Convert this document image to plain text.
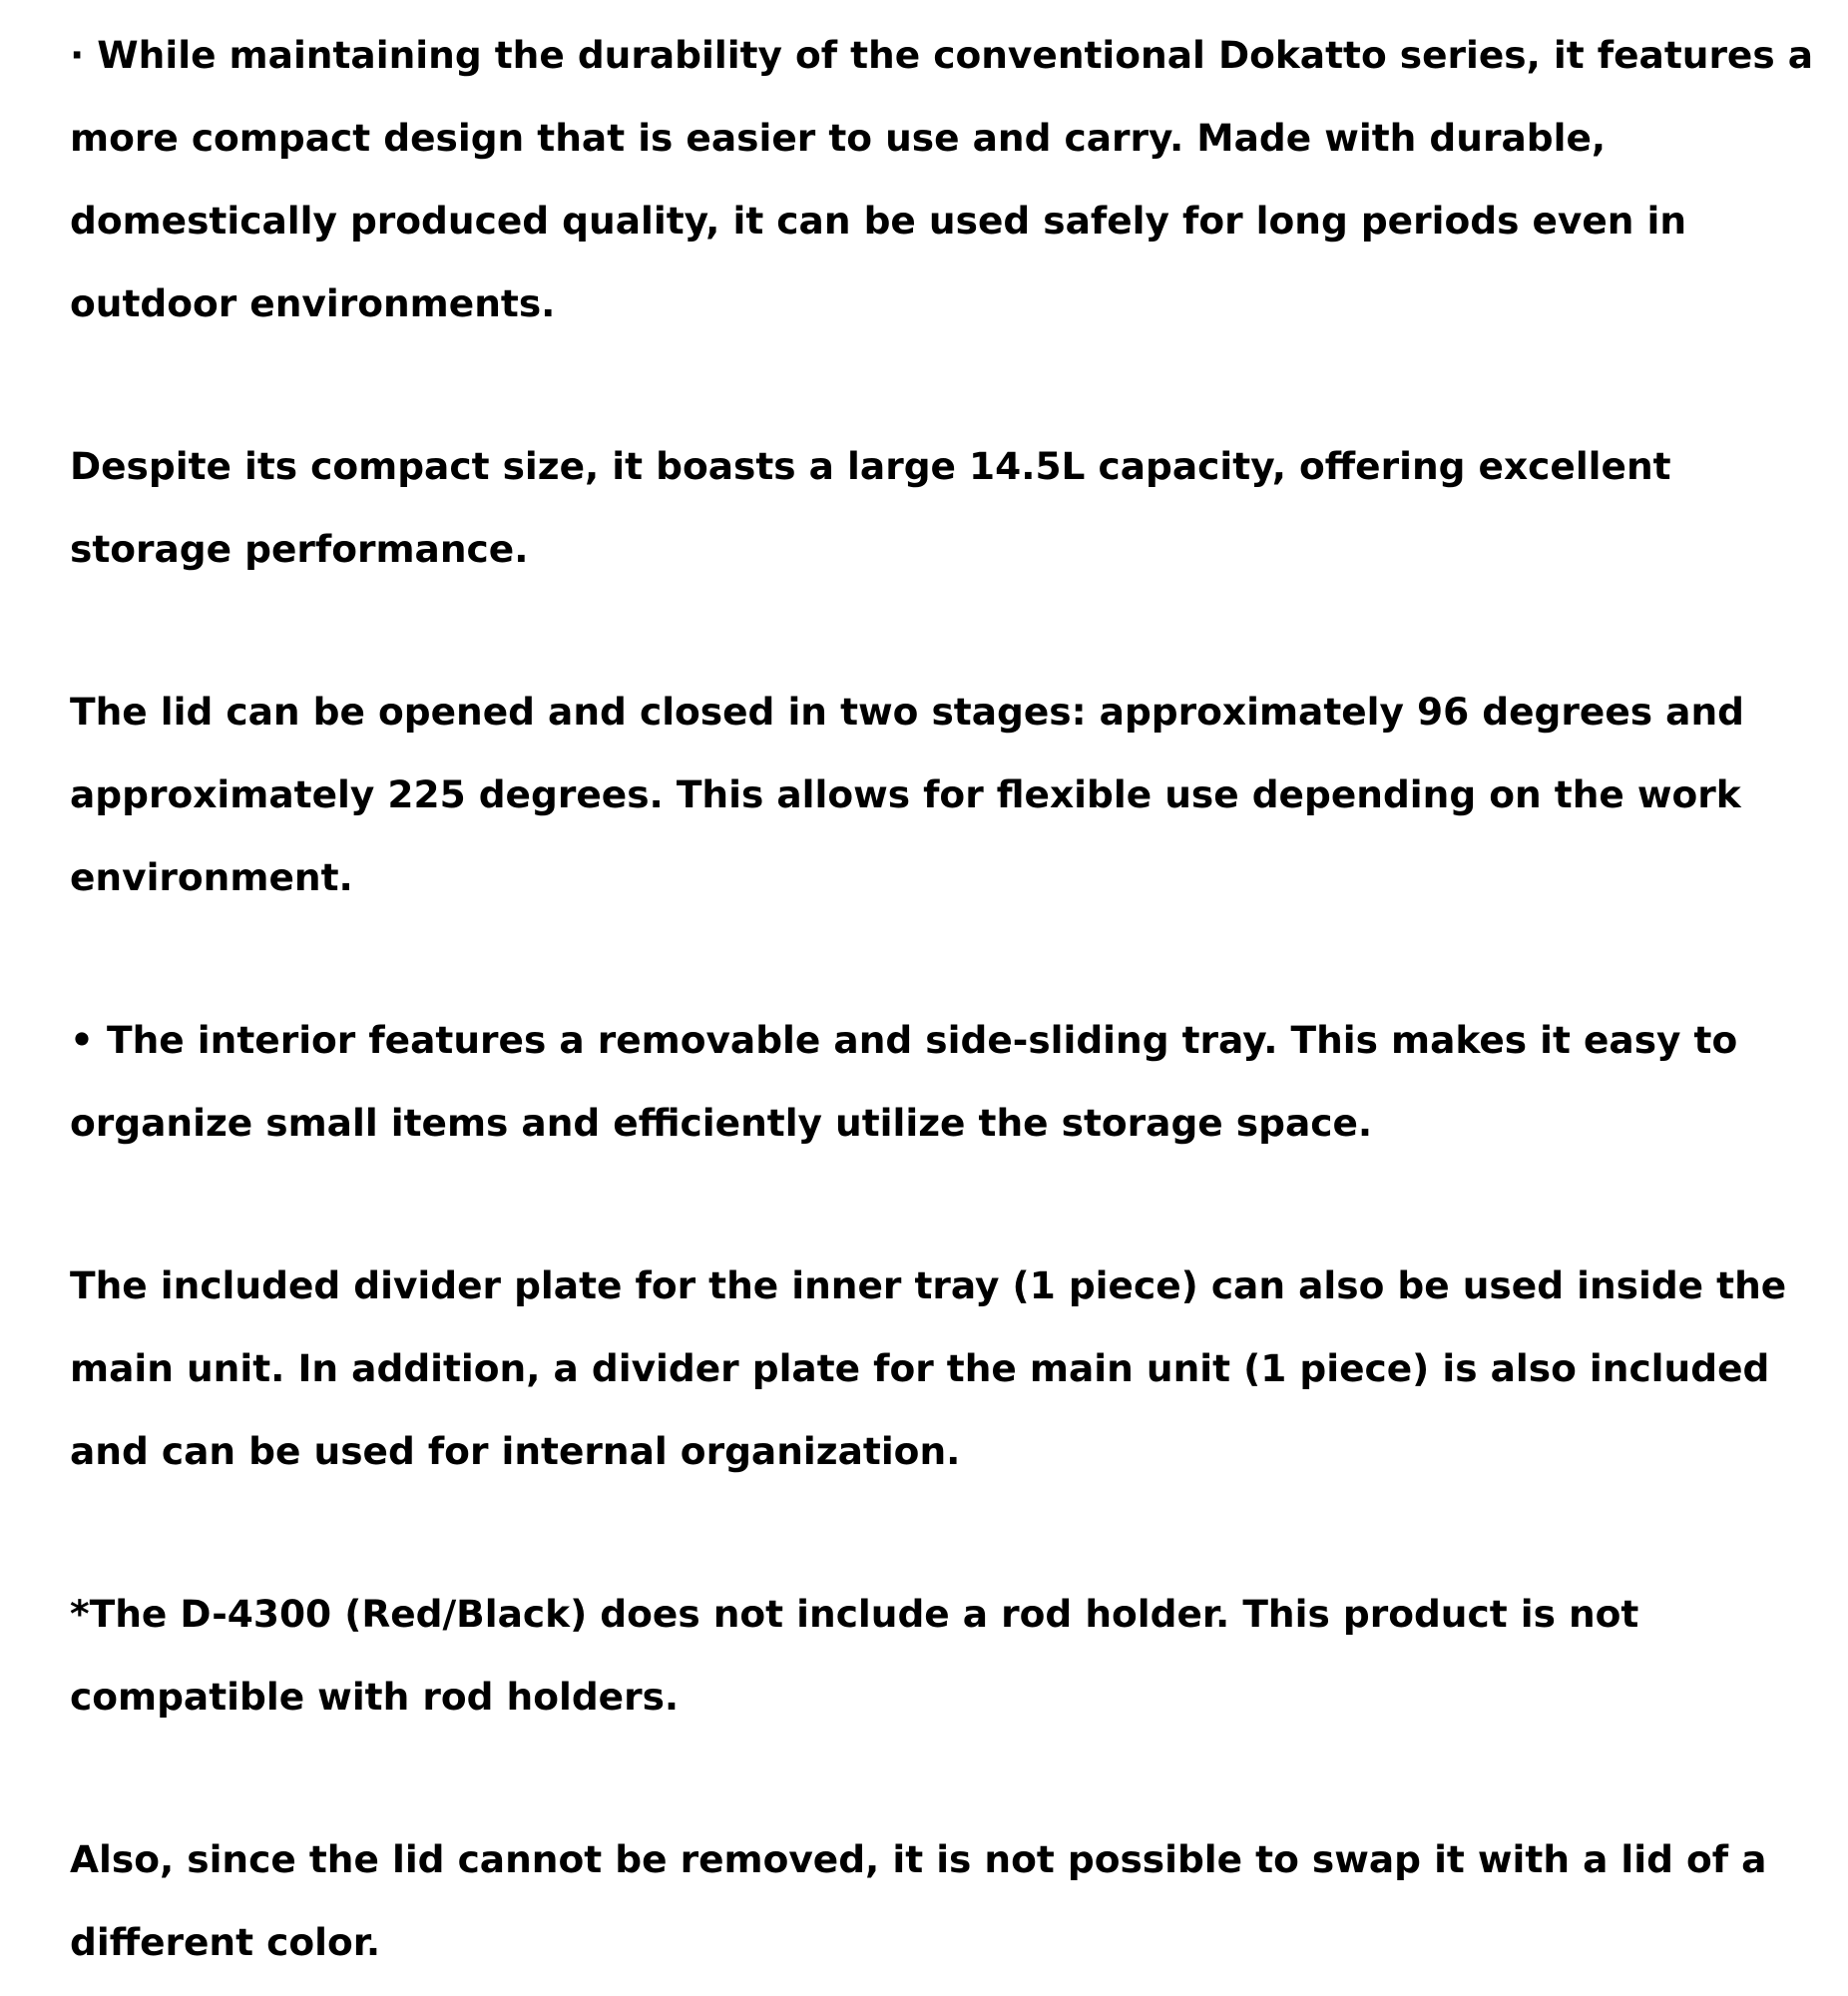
· While maintaining the durability of the conventional Dokatto series, it features a more compact design that is easier to use and carry. Made with durable, domestically produced quality, it can be used safely for long periods even in outdoor environments.

Despite its compact size, it boasts a large 14.5L capacity, offering excellent storage performance.

The lid can be opened and closed in two stages: approximately 96 degrees and approximately 225 degrees. This allows for flexible use depending on the work environment.

• The interior features a removable and side-sliding tray. This makes it easy to organize small items and efficiently utilize the storage space.

The included divider plate for the inner tray (1 piece) can also be used inside the main unit. In addition, a divider plate for the main unit (1 piece) is also included and can be used for internal organization.

*The D-4300 (Red/Black) does not include a rod holder. This product is not compatible with rod holders.

Also, since the lid cannot be removed, it is not possible to swap it with a lid of a different color.
